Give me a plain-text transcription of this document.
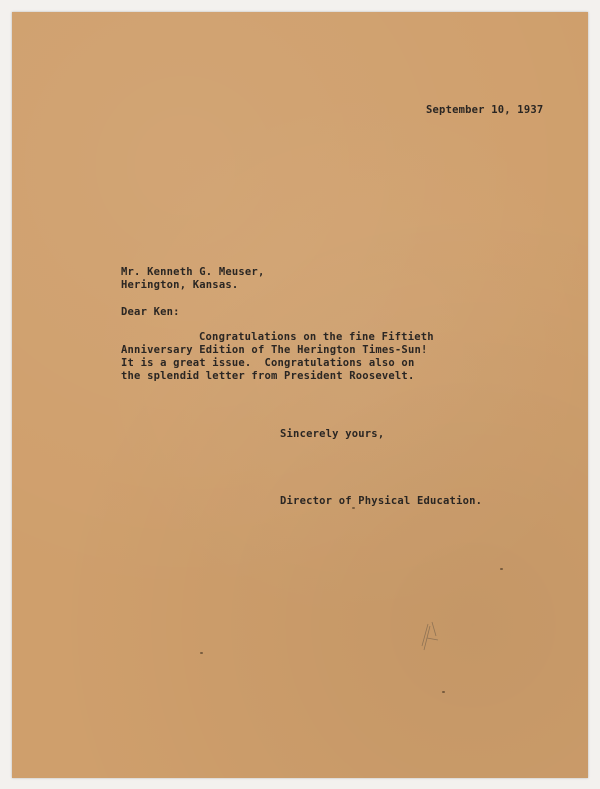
September 10, 1937
Mr. Kenneth G. Meuser,
Herington, Kansas.
Dear Ken:
Congratulations on the fine Fiftieth
Anniversary Edition of The Herington Times-Sun!
It is a great issue.  Congratulations also on
the splendid letter from President Roosevelt.
Sincerely yours,
Director of Physical Education.
